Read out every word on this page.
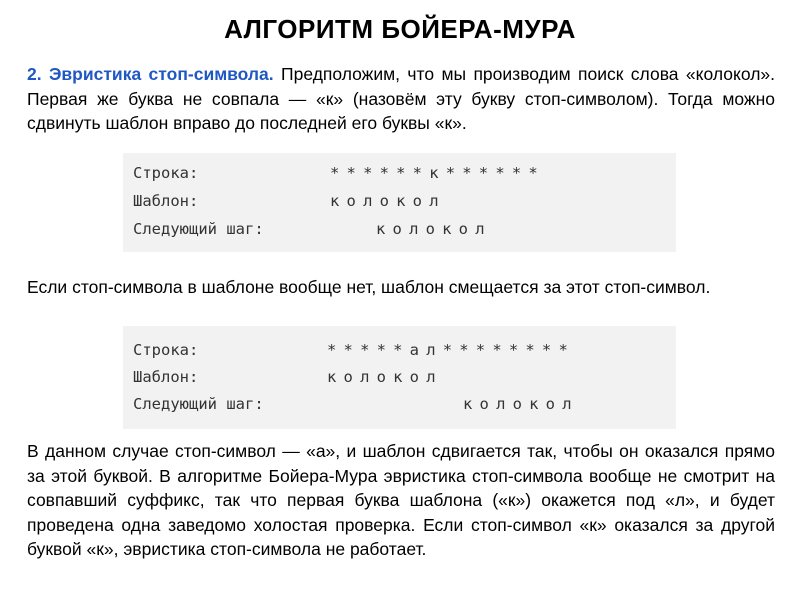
АЛГОРИТМ БОЙЕРА-МУРА
2. Эвристика стоп-символа. Предположим, что мы производим поиск слова «колокол». Первая же буква не совпала — «к» (назовём эту букву стоп-символом). Тогда можно сдвинуть шаблон вправо до последней его буквы «к».

Строка:

	******к******

Шаблон:

	колокол

Следующий шаг:

	колокол

Если стоп-символа в шаблоне вообще нет, шаблон смещается за этот стоп-символ.

Строка:

	*****ал********

Шаблон:

	колокол

Следующий шаг:

	колокол

В данном случае стоп-символ — «а», и шаблон сдвигается так, чтобы он оказался прямо за этой буквой. В алгоритме Бойера-Мура эвристика стоп-символа вообще не смотрит на совпавший суффикс, так что первая буква шаблона («к») окажется под «л», и будет проведена одна заведомо холостая проверка. Если стоп-символ «к» оказался за другой буквой «к», эвристика стоп-символа не работает.
